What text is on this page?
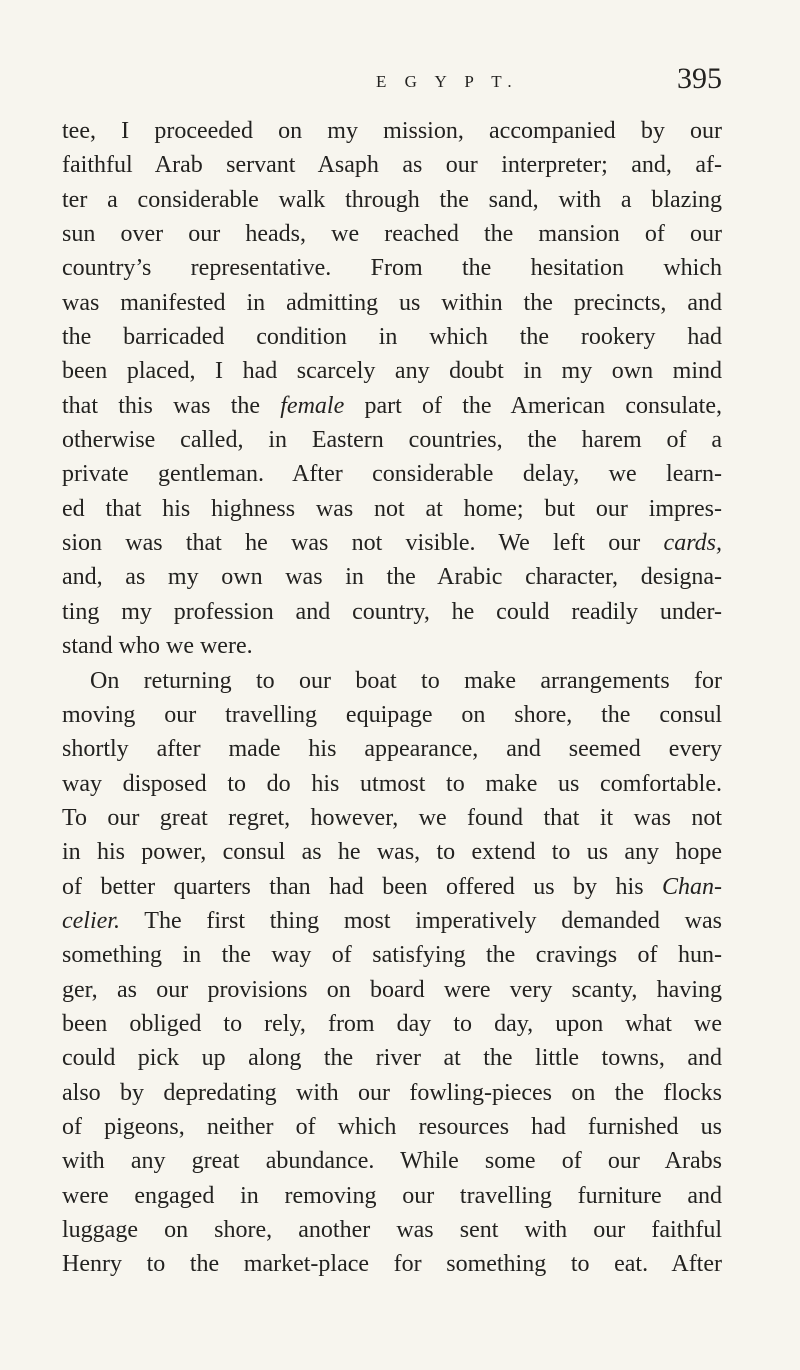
E G Y P T.	395
tee, I proceeded on my mission, accompanied by our
faithful Arab servant Asaph as our interpreter; and, af-
ter a considerable walk through the sand, with a blazing
sun over our heads, we reached the mansion of our
country’s representative. From the hesitation which
was manifested in admitting us within the precincts, and
the barricaded condition in which the rookery had
been placed, I had scarcely any doubt in my own mind
that this was the female part of the American consulate,
otherwise called, in Eastern countries, the harem of a
private gentleman. After considerable delay, we learn-
ed that his highness was not at home; but our impres-
sion was that he was not visible. We left our cards,
and, as my own was in the Arabic character, designa-
ting my profession and country, he could readily under-
stand who we were.
On returning to our boat to make arrangements for
moving our travelling equipage on shore, the consul
shortly after made his appearance, and seemed every
way disposed to do his utmost to make us comfortable.
To our great regret, however, we found that it was not
in his power, consul as he was, to extend to us any hope
of better quarters than had been offered us by his Chan-
celier. The first thing most imperatively demanded was
something in the way of satisfying the cravings of hun-
ger, as our provisions on board were very scanty, having
been obliged to rely, from day to day, upon what we
could pick up along the river at the little towns, and
also by depredating with our fowling-pieces on the flocks
of pigeons, neither of which resources had furnished us
with any great abundance. While some of our Arabs
were engaged in removing our travelling furniture and
luggage on shore, another was sent with our faithful
Henry to the market-place for something to eat. After
